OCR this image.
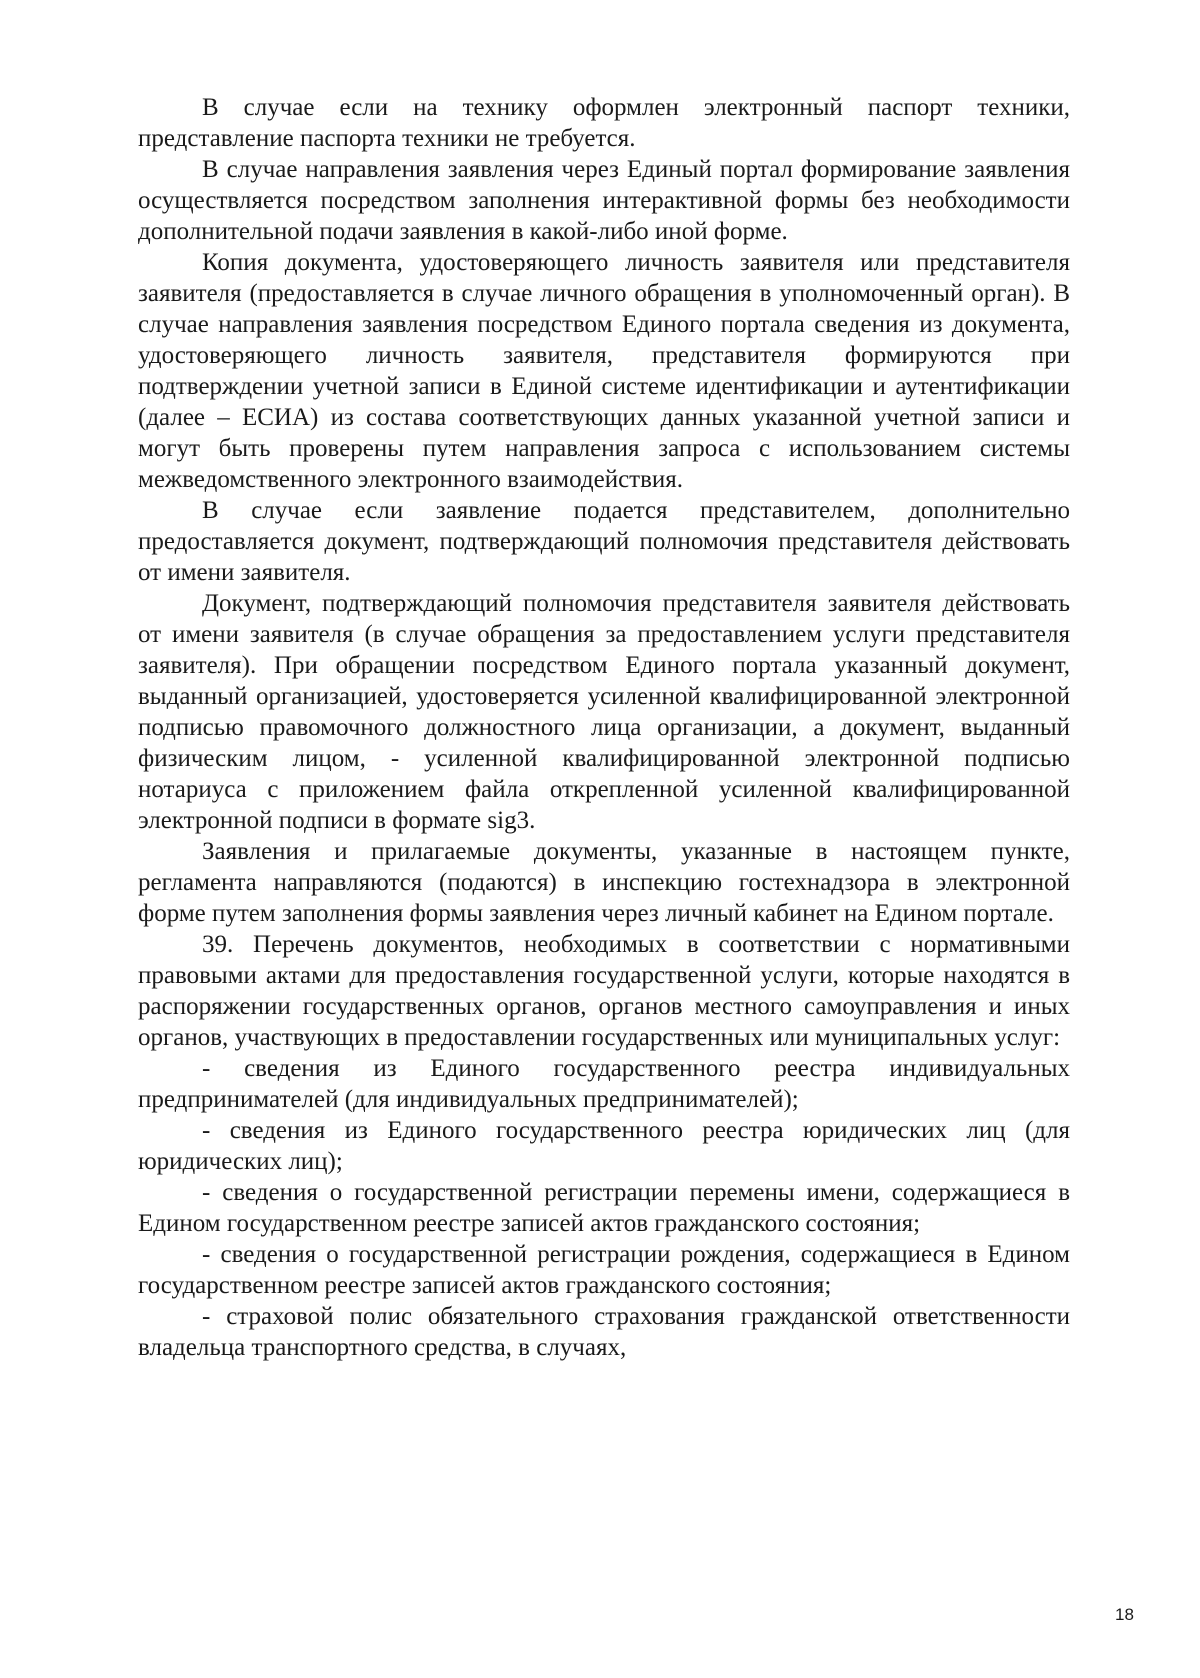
В случае если на технику оформлен электронный паспорт техники, представление паспорта техники не требуется.

В случае направления заявления через Единый портал формирование заявления осуществляется посредством заполнения интерактивной формы без необходимости дополнительной подачи заявления в какой-либо иной форме.

Копия документа, удостоверяющего личность заявителя или представителя заявителя (предоставляется в случае личного обращения в уполномоченный орган). В случае направления заявления посредством Единого портала сведения из документа, удостоверяющего личность заявителя, представителя формируются при подтверждении учетной записи в Единой системе идентификации и аутентификации (далее – ЕСИА) из состава соответствующих данных указанной учетной записи и могут быть проверены путем направления запроса с использованием системы межведомственного электронного взаимодействия.

В случае если заявление подается представителем, дополнительно предоставляется документ, подтверждающий полномочия представителя действовать от имени заявителя.

Документ, подтверждающий полномочия представителя заявителя действовать от имени заявителя (в случае обращения за предоставлением услуги представителя заявителя). При обращении посредством Единого портала указанный документ, выданный организацией, удостоверяется усиленной квалифицированной электронной подписью правомочного должностного лица организации, а документ, выданный физическим лицом, - усиленной квалифицированной электронной подписью нотариуса с приложением файла открепленной усиленной квалифицированной электронной подписи в формате sig3.

Заявления и прилагаемые документы, указанные в настоящем пункте, регламента направляются (подаются) в инспекцию гостехнадзора в электронной форме путем заполнения формы заявления через личный кабинет на Едином портале.

39. Перечень документов, необходимых в соответствии с нормативными правовыми актами для предоставления государственной услуги, которые находятся в распоряжении государственных органов, органов местного самоуправления и иных органов, участвующих в предоставлении государственных или муниципальных услуг:

- сведения из Единого государственного реестра индивидуальных предпринимателей (для индивидуальных предпринимателей);

- сведения из Единого государственного реестра юридических лиц (для юридических лиц);

- сведения о государственной регистрации перемены имени, содержащиеся в Едином государственном реестре записей актов гражданского состояния;

- сведения о государственной регистрации рождения, содержащиеся в Едином государственном реестре записей актов гражданского состояния;

- страховой полис обязательного страхования гражданской ответственности владельца транспортного средства, в случаях,

18
